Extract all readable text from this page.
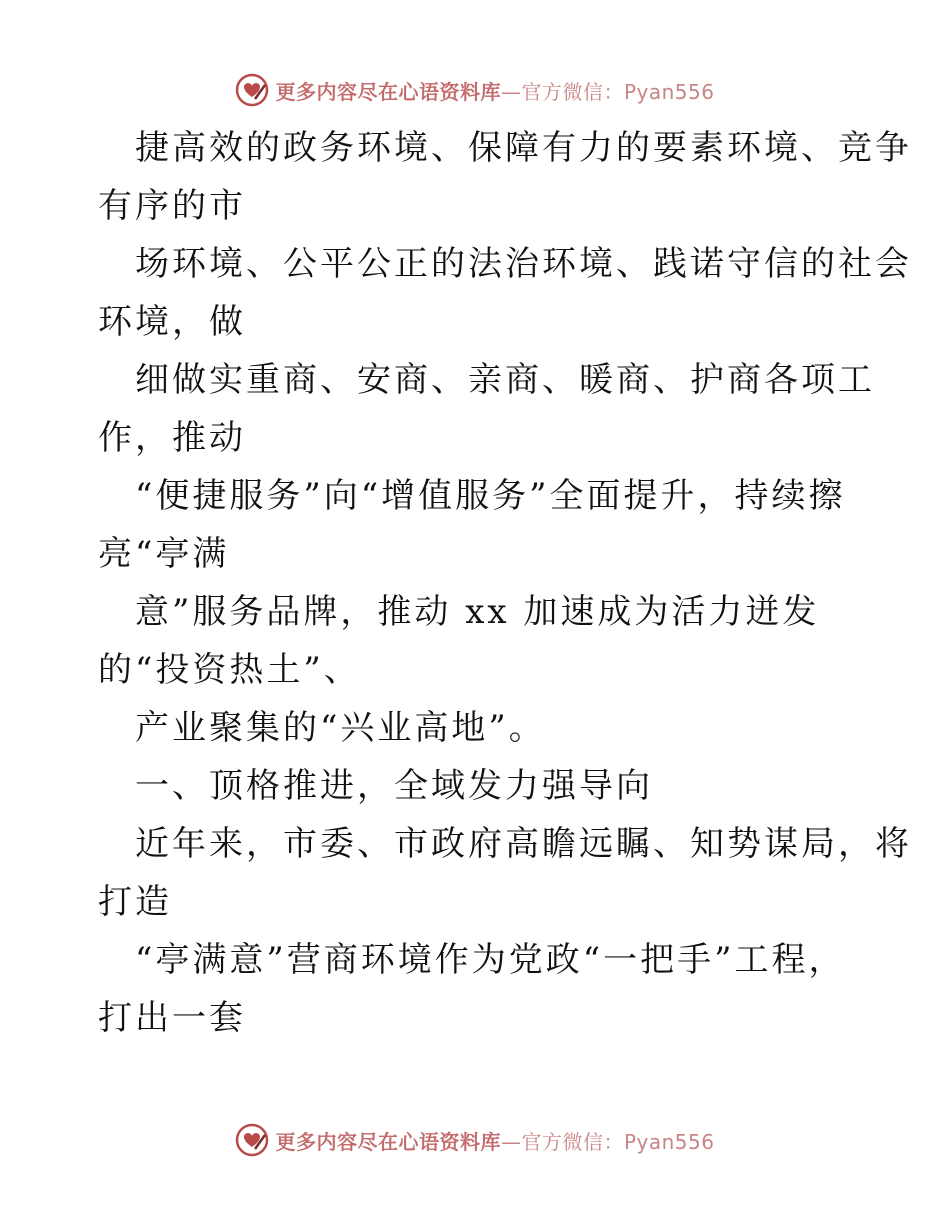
更多内容尽在心语资料库—官方微信：Pyan556
捷高效的政务环境、保障有力的要素环境、竞争
有序的市
场环境、公平公正的法治环境、践诺守信的社会
环境，做
细做实重商、安商、亲商、暖商、护商各项工
作，推动
“便捷服务”向“增值服务”全面提升，持续擦
亮“亭满
意”服务品牌，推动 xx 加速成为活力迸发
的“投资热土”、
产业聚集的“兴业高地”。
一、顶格推进，全域发力强导向
近年来，市委、市政府高瞻远瞩、知势谋局，将
打造
“亭满意”营商环境作为党政“一把手”工程，
打出一套
更多内容尽在心语资料库—官方微信：Pyan556
